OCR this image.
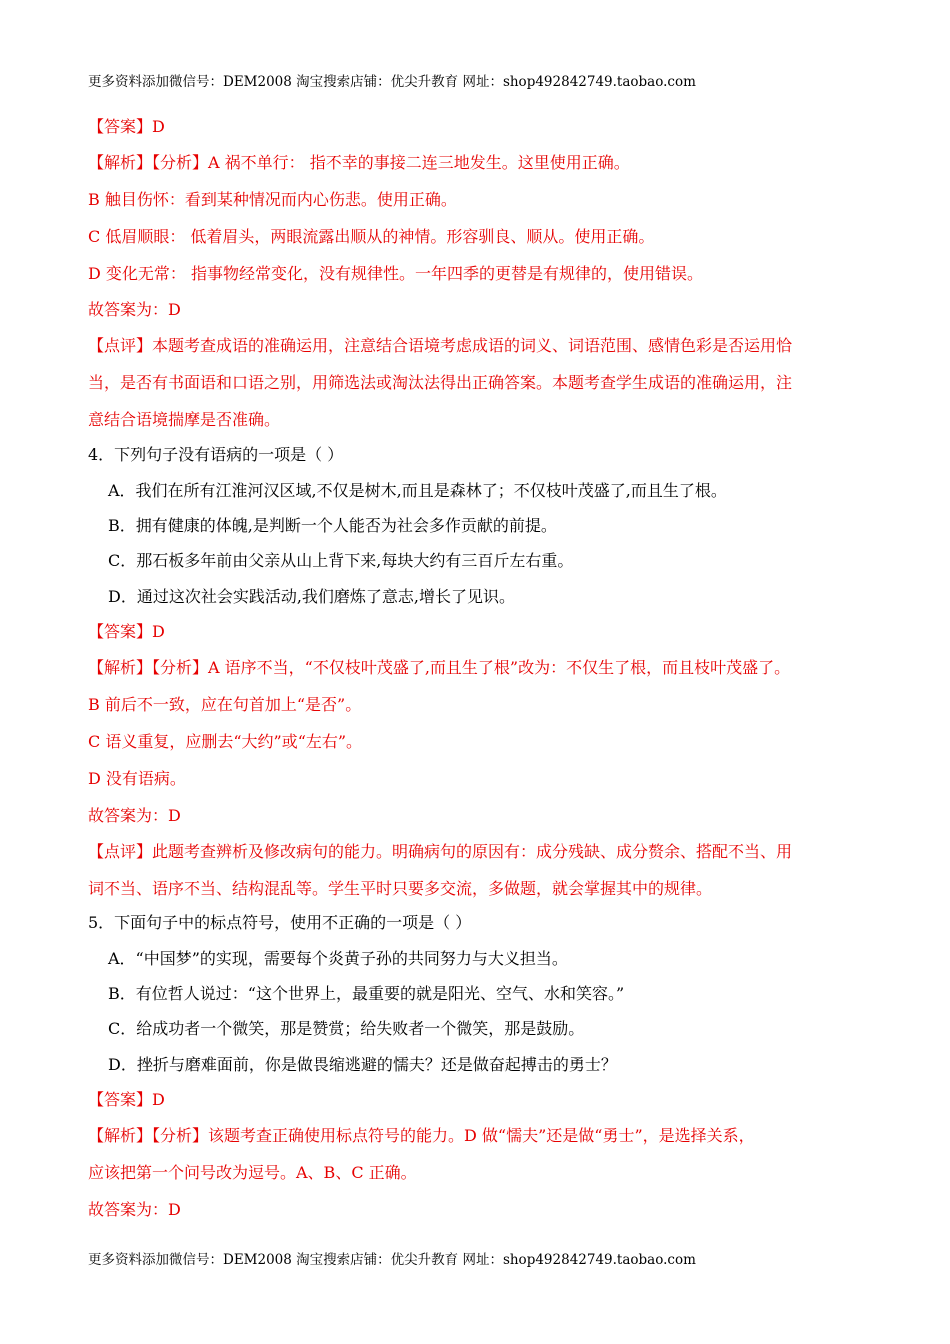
更多资料添加微信号：DEM2008 淘宝搜索店铺：优尖升教育 网址：shop492842749.taobao.com
【答案】D
【解析】【分析】A 祸不单行： 指不幸的事接二连三地发生。这里使用正确。
B 触目伤怀：看到某种情况而内心伤悲。使用正确。
C 低眉顺眼： 低着眉头，两眼流露出顺从的神情。形容驯良、顺从。使用正确。
D 变化无常： 指事物经常变化，没有规律性。一年四季的更替是有规律的，使用错误。
故答案为：D
【点评】本题考查成语的准确运用，注意结合语境考虑成语的词义、词语范围、感情色彩是否运用恰
当，是否有书面语和口语之别，用筛选法或淘汰法得出正确答案。本题考查学生成语的准确运用，注
意结合语境揣摩是否准确。
4．下列句子没有语病的一项是（ ）
A．我们在所有江淮河汉区域,不仅是树木,而且是森林了；不仅枝叶茂盛了,而且生了根。
B．拥有健康的体魄,是判断一个人能否为社会多作贡献的前提。
C．那石板多年前由父亲从山上背下来,每块大约有三百斤左右重。
D．通过这次社会实践活动,我们磨炼了意志,增长了见识。
【答案】D
【解析】【分析】A 语序不当，“不仅枝叶茂盛了,而且生了根”改为：不仅生了根，而且枝叶茂盛了。
B 前后不一致，应在句首加上“是否”。
C 语义重复，应删去“大约”或“左右”。
D 没有语病。
故答案为：D
【点评】此题考查辨析及修改病句的能力。明确病句的原因有：成分残缺、成分赘余、搭配不当、用
词不当、语序不当、结构混乱等。学生平时只要多交流，多做题，就会掌握其中的规律。
5．下面句子中的标点符号，使用不正确的一项是（ ）
A．“中国梦”的实现，需要每个炎黄子孙的共同努力与大义担当。
B．有位哲人说过：“这个世界上，最重要的就是阳光、空气、水和笑容。”
C．给成功者一个微笑，那是赞赏；给失败者一个微笑，那是鼓励。
D．挫折与磨难面前，你是做畏缩逃避的懦夫？还是做奋起搏击的勇士？
【答案】D
【解析】【分析】该题考查正确使用标点符号的能力。D 做“懦夫”还是做“勇士”，是选择关系，
应该把第一个问号改为逗号。A、B、C 正确。
故答案为：D
更多资料添加微信号：DEM2008 淘宝搜索店铺：优尖升教育 网址：shop492842749.taobao.com
